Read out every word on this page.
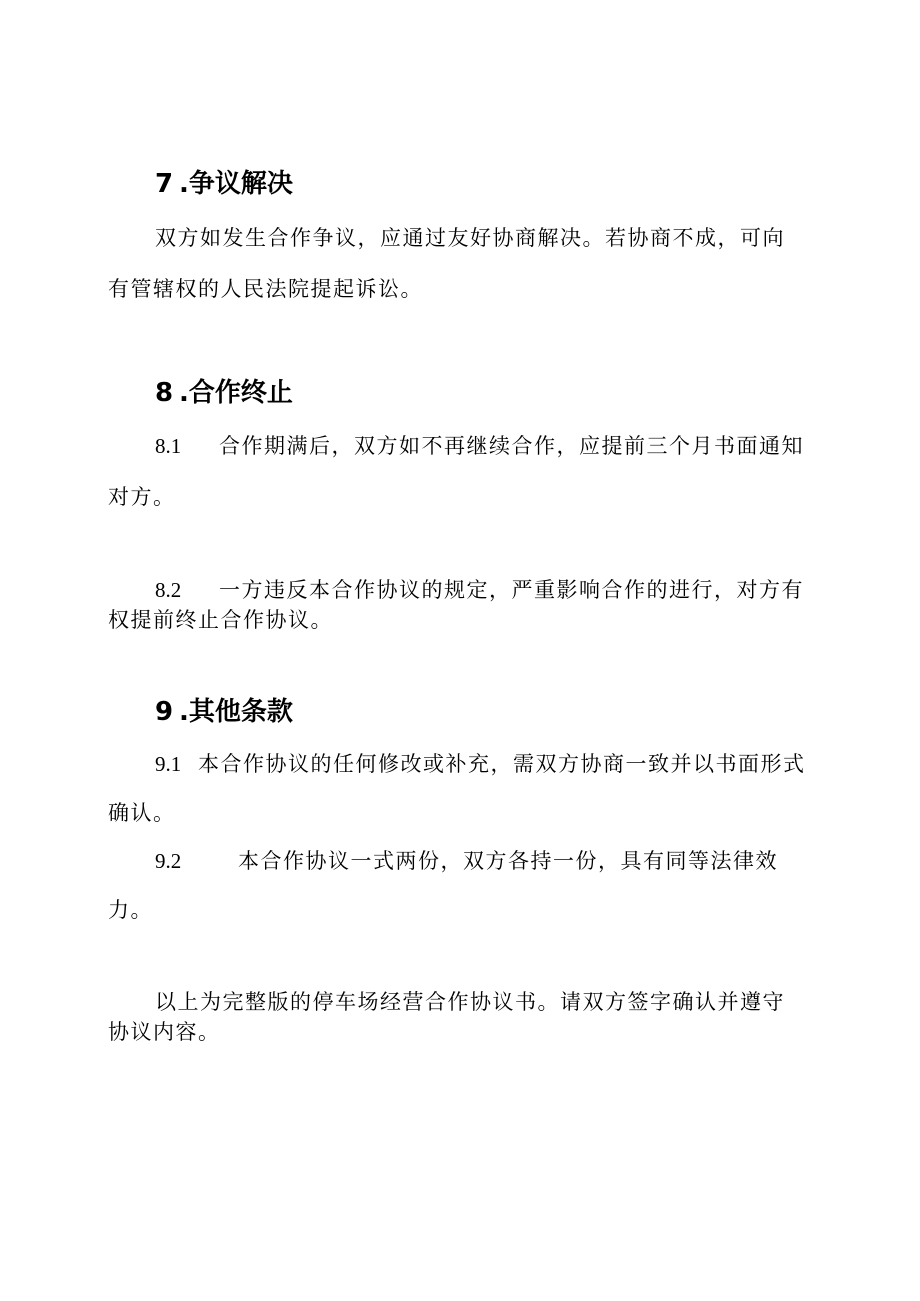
7 .争议解决
双方如发生合作争议，应通过友好协商解决。若协商不成，可向
有管辖权的人民法院提起诉讼。
8 .合作终止
8.1 合作期满后，双方如不再继续合作，应提前三个月书面通知
对方。
8.2 一方违反本合作协议的规定，严重影响合作的进行，对方有
权提前终止合作协议。
9 .其他条款
9.1 本合作协议的任何修改或补充，需双方协商一致并以书面形式
确认。
9.2	本合作协议一式两份，双方各持一份，具有同等法律效
力。
以上为完整版的停车场经营合作协议书。请双方签字确认并遵守
协议内容。
